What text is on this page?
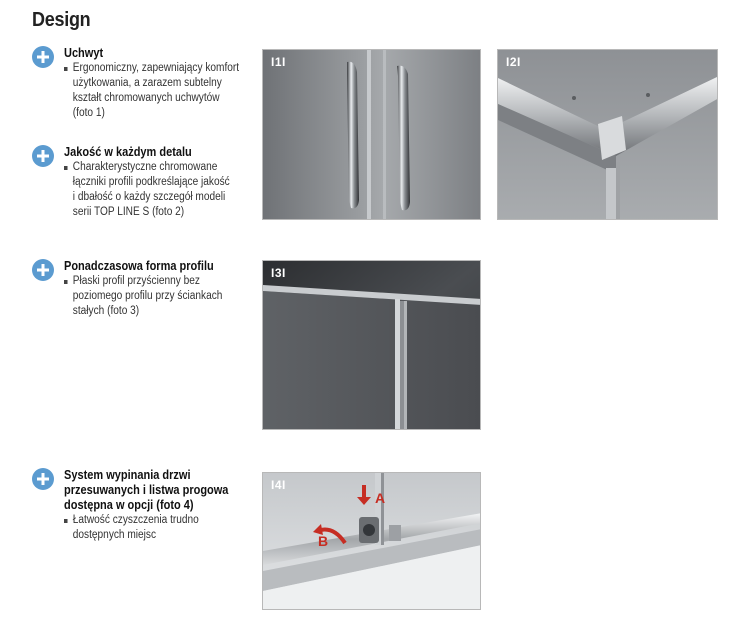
Design
Uchwyt
Ergonomiczny, zapewniający komfort
użytkowania, a zarazem subtelny
kształt chromowanych uchwytów
(foto 1)
Jakość w każdym detalu
Charakterystyczne chromowane
łączniki profili podkreślające jakość
i dbałość o każdy szczegół modeli
serii TOP LINE S (foto 2)
Ponadczasowa forma profilu
Płaski profil przyścienny bez
poziomego profilu przy ściankach
stałych (foto 3)
System wypinania drzwi
przesuwanych i listwa progowa
dostępna w opcji (foto 4)
Łatwość czyszczenia trudno
dostępnych miejsc
I1I	I2I
I3I
I4I
A
B
